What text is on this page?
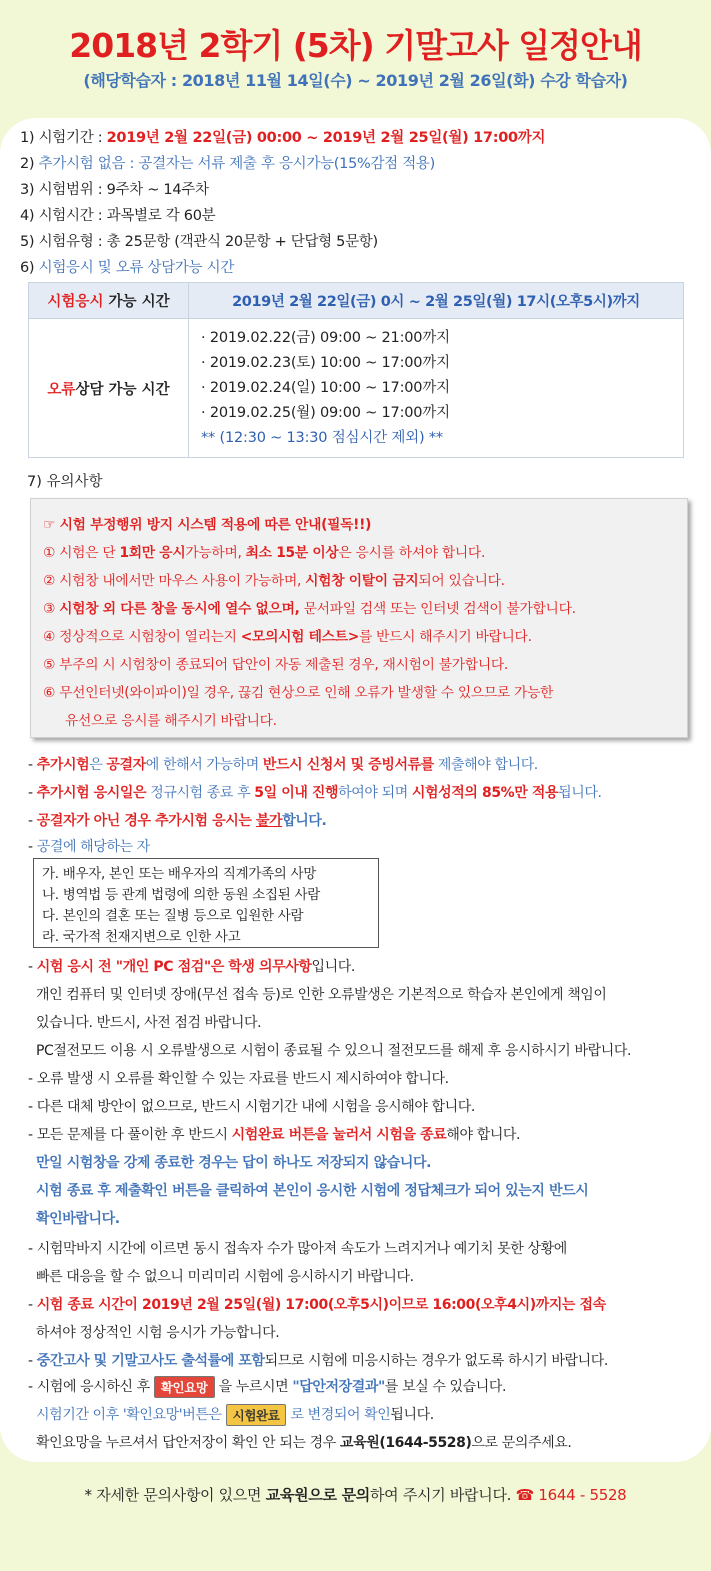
2018년 2학기 (5차) 기말고사 일정안내
(해당학습자 : 2018년 11월 14일(수) ~ 2019년 2월 26일(화) 수강 학습자)
1) 시험기간 : 2019년 2월 22일(금) 00:00 ~ 2019년 2월 25일(월) 17:00까지
2) 추가시험 없음 : 공결자는 서류 제출 후 응시가능(15%감점 적용)
3) 시험범위 : 9주차 ~ 14주차
4) 시험시간 : 과목별로 각 60분
5) 시험유형 : 총 25문항 (객관식 20문항 + 단답형 5문항)
6) 시험응시 및 오류 상담가능 시간
시험응시 가능 시간	2019년 2월 22일(금) 0시 ~ 2월 25일(월) 17시(오후5시)까지
오류상담 가능 시간	· 2019.02.22(금) 09:00 ~ 21:00까지
· 2019.02.23(토) 10:00 ~ 17:00까지
· 2019.02.24(일) 10:00 ~ 17:00까지
· 2019.02.25(월) 09:00 ~ 17:00까지
** (12:30 ~ 13:30 점심시간 제외) **
7) 유의사항
☞ 시험 부정행위 방지 시스템 적용에 따른 안내(필독!!)
① 시험은 단 1회만 응시가능하며, 최소 15분 이상은 응시를 하셔야 합니다.
② 시험창 내에서만 마우스 사용이 가능하며, 시험창 이탈이 금지되어 있습니다.
③ 시험창 외 다른 창을 동시에 열수 없으며, 문서파일 검색 또는 인터넷 검색이 불가합니다.
④ 정상적으로 시험창이 열리는지 <모의시험 테스트>를 반드시 해주시기 바랍니다.
⑤ 부주의 시 시험창이 종료되어 답안이 자동 제출된 경우, 재시험이 불가합니다.
⑥ 무선인터넷(와이파이)일 경우, 끊김 현상으로 인해 오류가 발생할 수 있으므로 가능한
유선으로 응시를 해주시기 바랍니다.
- 추가시험은 공결자에 한해서 가능하며 반드시 신청서 및 증빙서류를 제출해야 합니다.
- 추가시험 응시일은 정규시험 종료 후 5일 이내 진행하여야 되며 시험성적의 85%만 적용됩니다.
- 공결자가 아닌 경우 추가시험 응시는 불가합니다.
- 공결에 해당하는 자
가. 배우자, 본인 또는 배우자의 직계가족의 사망
나. 병역법 등 관계 법령에 의한 동원 소집된 사람
다. 본인의 결혼 또는 질병 등으로 입원한 사람
라. 국가적 천재지변으로 인한 사고
- 시험 응시 전 "개인 PC 점검"은 학생 의무사항입니다.
개인 컴퓨터 및 인터넷 장애(무선 접속 등)로 인한 오류발생은 기본적으로 학습자 본인에게 책임이
있습니다. 반드시, 사전 점검 바랍니다.
PC절전모드 이용 시 오류발생으로 시험이 종료될 수 있으니 절전모드를 해제 후 응시하시기 바랍니다.
- 오류 발생 시 오류를 확인할 수 있는 자료를 반드시 제시하여야 합니다.
- 다른 대체 방안이 없으므로, 반드시 시험기간 내에 시험을 응시해야 합니다.
- 모든 문제를 다 풀이한 후 반드시 시험완료 버튼을 눌러서 시험을 종료해야 합니다.
만일 시험창을 강제 종료한 경우는 답이 하나도 저장되지 않습니다.
시험 종료 후 제출확인 버튼을 클릭하여 본인이 응시한 시험에 정답체크가 되어 있는지 반드시
확인바랍니다.
- 시험막바지 시간에 이르면 동시 접속자 수가 많아져 속도가 느려지거나 예기치 못한 상황에
빠른 대응을 할 수 없으니 미리미리 시험에 응시하시기 바랍니다.
- 시험 종료 시간이 2019년 2월 25일(월) 17:00(오후5시)이므로 16:00(오후4시)까지는 접속
하셔야 정상적인 시험 응시가 가능합니다.
- 중간고사 및 기말고사도 출석률에 포함되므로 시험에 미응시하는 경우가 없도록 하시기 바랍니다.
- 시험에 응시하신 후 확인요망 을 누르시면 "답안저장결과"를 보실 수 있습니다.
시험기간 이후 '확인요망'버튼은 시험완료 로 변경되어 확인됩니다.
확인요망을 누르셔서 답안저장이 확인 안 되는 경우 교육원(1644-5528)으로 문의주세요.
* 자세한 문의사항이 있으면 교육원으로 문의하여 주시기 바랍니다. ☎ 1644 - 5528
